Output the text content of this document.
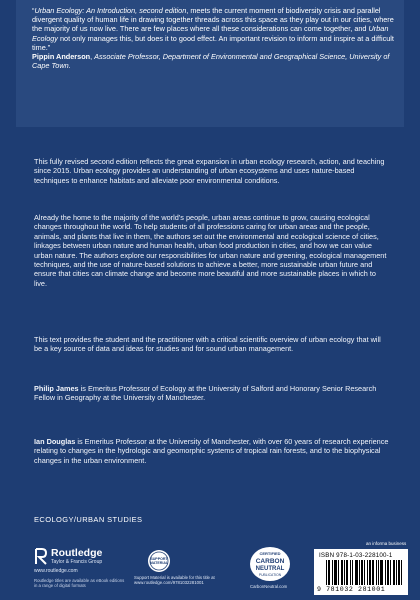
“Urban Ecology: An Introduction, second edition, meets the current moment of biodiversity crisis and parallel divergent quality of human life in drawing together threads across this space as they play out in our cities, where the majority of us now live. There are few places where all these considerations can come together, and Urban Ecology not only manages this, but does it to good effect. An important revision to inform and inspire at a difficult time.”

Pippin Anderson, Associate Professor, Department of Environmental and Geographical Science, University of Cape Town.

This fully revised second edition reflects the great expansion in urban ecology research, action, and teaching since 2015. Urban ecology provides an understanding of urban ecosystems and uses nature-based techniques to enhance habitats and alleviate poor environmental conditions.

Already the home to the majority of the world’s people, urban areas continue to grow, causing ecological changes throughout the world. To help students of all professions caring for urban areas and the people, animals, and plants that live in them, the authors set out the environmental and ecological science of cities, linkages between urban nature and human health, urban food production in cities, and how we can value urban nature. The authors explore our responsibilities for urban nature and greening, ecological management techniques, and the use of nature-based solutions to achieve a better, more sustainable urban future and ensure that cities can climate change and become more beautiful and more sustainable places in which to live.

This text provides the student and the practitioner with a critical scientific overview of urban ecology that will be a key source of data and ideas for studies and for sound urban management.

Philip James is Emeritus Professor of Ecology at the University of Salford and Honorary Senior Research Fellow in Geography at the University of Manchester.

Ian Douglas is Emeritus Professor at the University of Manchester, with over 60 years of research experience relating to changes in the hydrologic and geomorphic systems of tropical rain forests, and to the biophysical changes in the urban environment.

ECOLOGY/URBAN STUDIES
Routledge
Taylor & Francis Group
www.routledge.com
Routledge titles are available as eBook editions in a range of digital formats
SUPPORT
MATERIAL
Support Material is available for this title at www.routledge.com/9781032281001
CERTIFIED
CARBON
NEUTRAL
PUBLICATION
CarbonNeutral.com
an informa business
ISBN 978-1-03-228100-1
9 781032 281001
